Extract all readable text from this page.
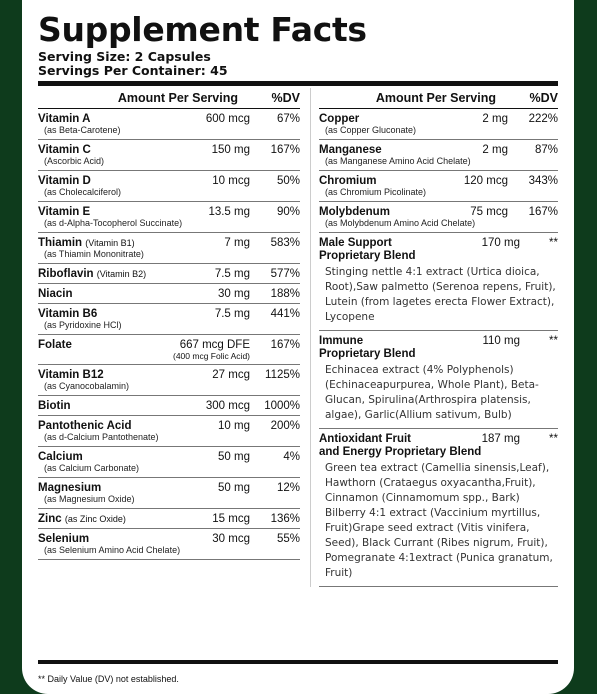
Supplement Facts
Serving Size: 2 Capsules
Servings Per Container: 45
Amount Per Serving	%DV
Vitamin A	600 mcg	67%
(as Beta-Carotene)
Vitamin C	150 mg	167%
(Ascorbic Acid)
Vitamin D	10 mcg	50%
(as Cholecalciferol)
Vitamin E	13.5 mg	90%
(as d-Alpha-Tocopherol Succinate)
Thiamin (Vitamin B1)	7 mg	583%
(as Thiamin Mononitrate)
Riboflavin (Vitamin B2)	7.5 mg	577%
Niacin	30 mg	188%
Vitamin B6	7.5 mg	441%
(as Pyridoxine HCl)
Folate	667 mcg DFE	167%
(400 mcg Folic Acid)
Vitamin B12	27 mcg	1125%
(as Cyanocobalamin)
Biotin	300 mcg	1000%
Pantothenic Acid	10 mg	200%
(as d-Calcium Pantothenate)
Calcium	50 mg	4%
(as Calcium Carbonate)
Magnesium	50 mg	12%
(as Magnesium Oxide)
Zinc (as Zinc Oxide)	15 mcg	136%
Selenium	30 mcg	55%
(as Selenium Amino Acid Chelate)
Amount Per Serving	%DV
Copper	2 mg	222%
(as Copper Gluconate)
Manganese	2 mg	87%
(as Manganese Amino Acid Chelate)
Chromium	120 mcg	343%
(as Chromium Picolinate)
Molybdenum	75 mcg	167%
(as Molybdenum Amino Acid Chelate)
Male Support
Proprietary Blend
170 mg	**
Stinging nettle 4:1 extract (Urtica dioica, Root),Saw palmetto (Serenoa repens, Fruit), Lutein (from lagetes erecta Flower Extract), Lycopene
Immune
Proprietary Blend
110 mg	**
Echinacea extract (4% Polyphenols) (Echinaceapurpurea, Whole Plant), Beta-Glucan, Spirulina(Arthrospira platensis, algae), Garlic(Allium sativum, Bulb)
Antioxidant Fruit
and Energy Proprietary Blend
187 mg	**
Green tea extract (Camellia sinensis,Leaf), Hawthorn (Crataegus oxyacantha,Fruit), Cinnamon (Cinnamomum spp., Bark) Bilberry 4:1 extract (Vaccinium myrtillus, Fruit)Grape seed extract (Vitis vinifera, Seed), Black Currant (Ribes nigrum, Fruit), Pomegranate 4:1extract (Punica granatum, Fruit)
** Daily Value (DV) not established.
